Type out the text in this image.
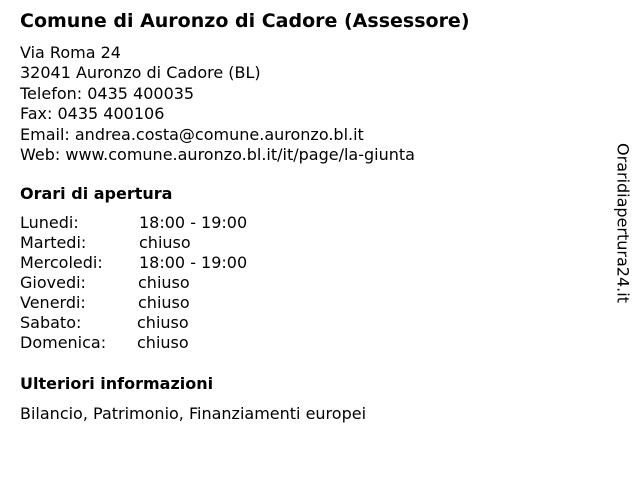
Comune di Auronzo di Cadore (Assessore)
Via Roma 24
32041 Auronzo di Cadore (BL)
Telefon: 0435 400035
Fax: 0435 400106
Email: andrea.costa@comune.auronzo.bl.it
Web: www.comune.auronzo.bl.it/it/page/la-giunta
Orari di apertura
Lunedi:	18:00 - 19:00
Martedi:	chiuso
Mercoledi: 18:00 - 19:00
Giovedi:	chiuso
Venerdi:	chiuso
Sabato:	chiuso
Domenica: chiuso
Ulteriori informazioni
Bilancio, Patrimonio, Finanziamenti europei
Oraridiapertura24.it
